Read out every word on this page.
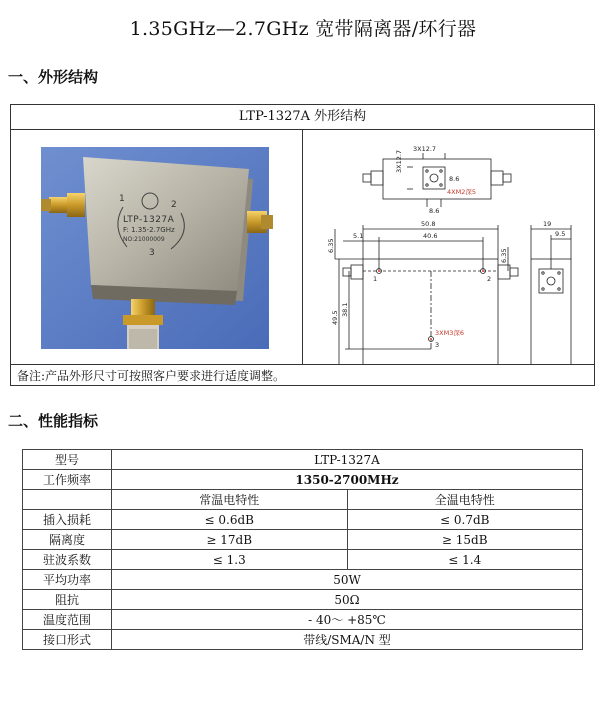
1.35GHz—2.7GHz 宽带隔离器/环行器
一、外形结构
LTP-1327A 外形结构
1
2
LTP-1327A
F: 1.35-2.7GHz
NO:21000009
3
3X12.7
3X12.7
8.6
8.6
4XM2深5
50.8
40.6
5.1
6.35
6.35
49.5
38.1
3XM3深6
19
9.5
1	2
3
备注:产品外形尺寸可按照客户要求进行适度调整。
二、性能指标
型号	LTP-1327A	
工作频率	1350-2700MHz	
	常温电特性	全温电特性
插入损耗	≤ 0.6dB	≤ 0.7dB
隔离度	≥ 17dB	≥ 15dB
驻波系数	≤ 1.3	≤ 1.4
平均功率	50W	
阻抗	50Ω	
温度范围	- 40～ +85℃	
接口形式	带线/SMA/N 型	
